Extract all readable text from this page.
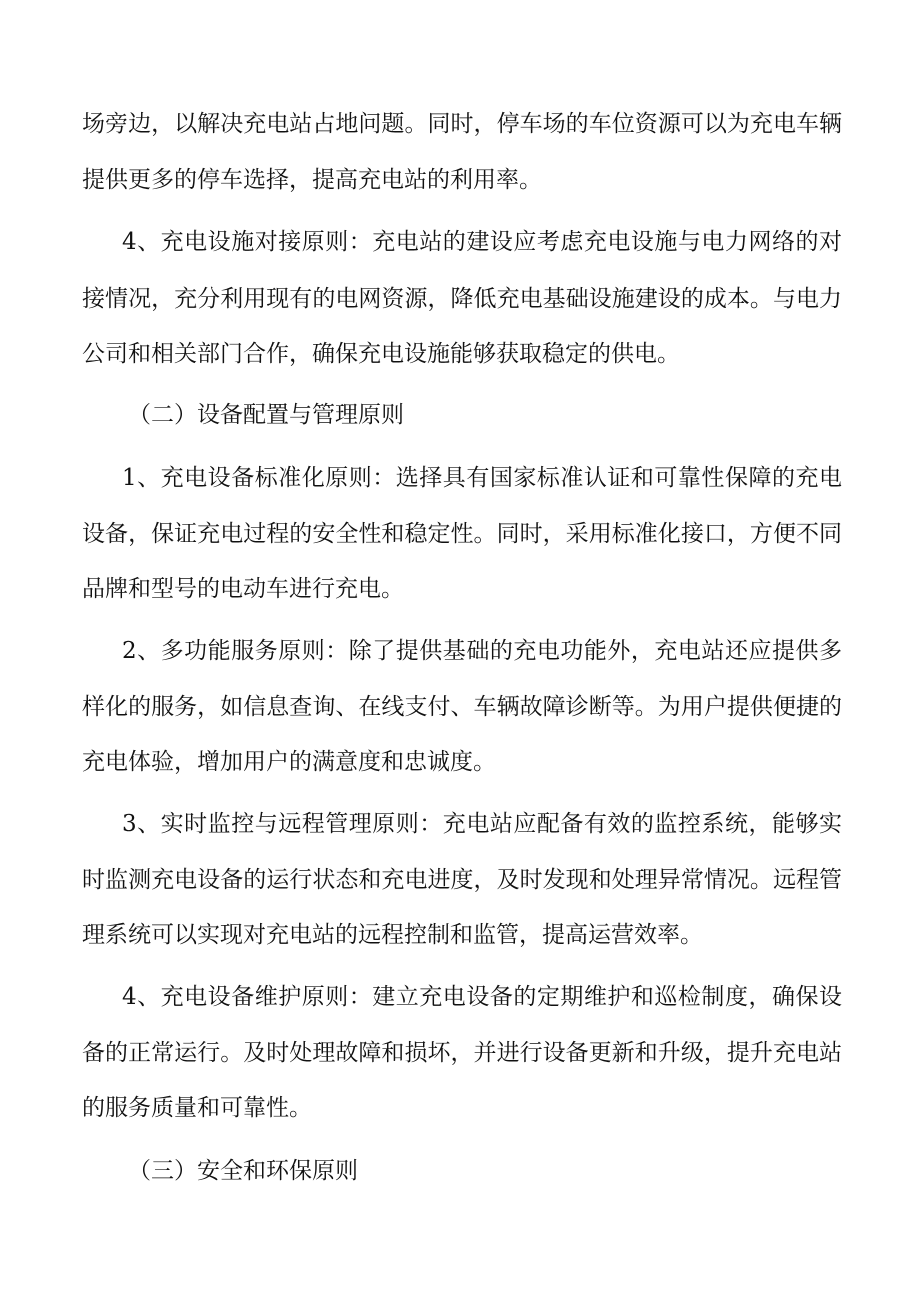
场旁边，以解决充电站占地问题。同时，停车场的车位资源可以为充电车辆
提供更多的停车选择，提高充电站的利用率。
4、充电设施对接原则：充电站的建设应考虑充电设施与电力网络的对
接情况，充分利用现有的电网资源，降低充电基础设施建设的成本。与电力
公司和相关部门合作，确保充电设施能够获取稳定的供电。
（二）设备配置与管理原则
1、充电设备标准化原则：选择具有国家标准认证和可靠性保障的充电
设备，保证充电过程的安全性和稳定性。同时，采用标准化接口，方便不同
品牌和型号的电动车进行充电。
2、多功能服务原则：除了提供基础的充电功能外，充电站还应提供多
样化的服务，如信息查询、在线支付、车辆故障诊断等。为用户提供便捷的
充电体验，增加用户的满意度和忠诚度。
3、实时监控与远程管理原则：充电站应配备有效的监控系统，能够实
时监测充电设备的运行状态和充电进度，及时发现和处理异常情况。远程管
理系统可以实现对充电站的远程控制和监管，提高运营效率。
4、充电设备维护原则：建立充电设备的定期维护和巡检制度，确保设
备的正常运行。及时处理故障和损坏，并进行设备更新和升级，提升充电站
的服务质量和可靠性。
（三）安全和环保原则
